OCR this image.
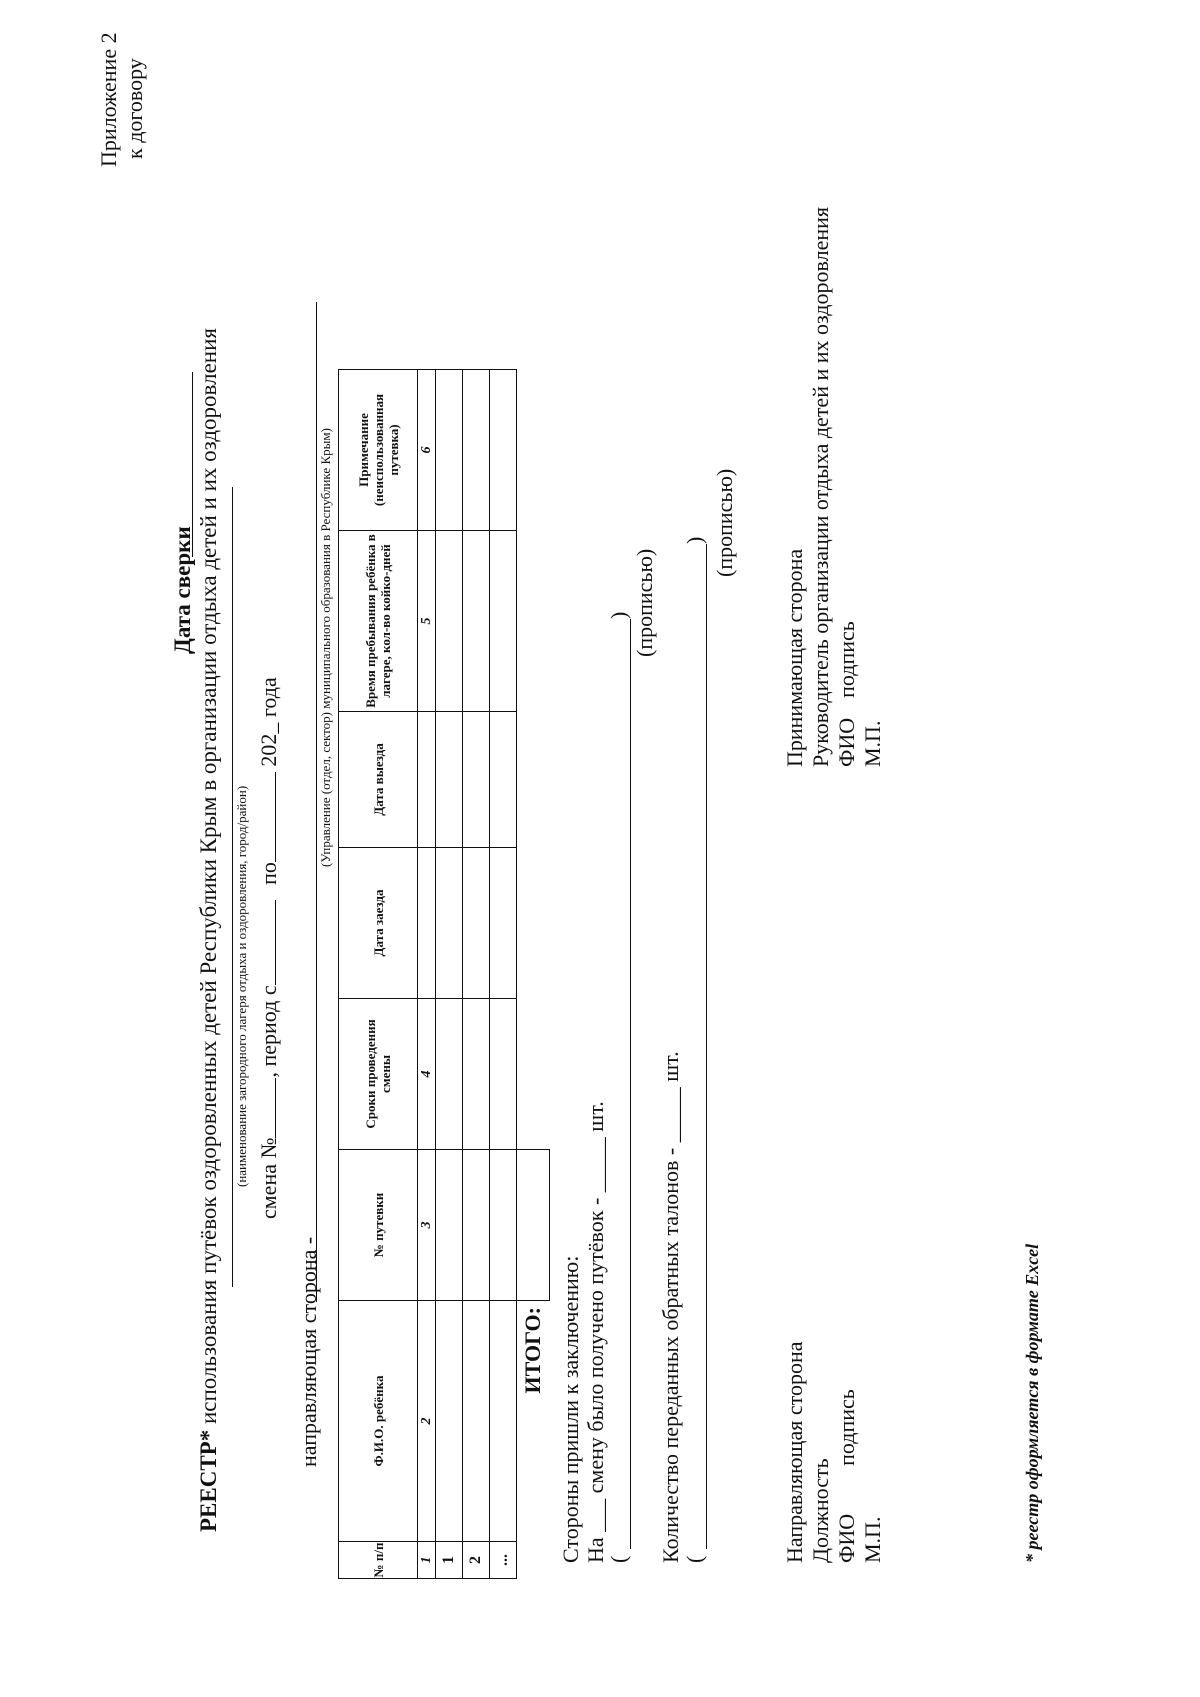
Приложение 2 к договору
РЕЕСТР* использования путёвок оздоровленных детей Республики Крым в организации отдыха детей и их оздоровления
Дата сверки
(наименование загородного лагеря отдыха и оздоровления, город/район) смена №, период с по 202_ года
направляющая сторона -
(Управление (отдел, сектор) муниципального образования в Республике Крым)
№ п/п	Ф.И.О. ребёнка	№ путевки	Сроки проведения смены	Дата заезда	Дата выезда	Время пребывания ребёнка в лагере, кол-во койко-дней	Примечание (неиспользованная путевка)
1	2	3	4			5	6
1							
2							
...							
	ИТОГО:						Стороны пришли к заключению: На ___ смену было получено путёвок - _____ шт.
(
) (прописью)
Количество переданных обратных талонов - _____ шт. (
) (прописью)
Направляющая сторона Должность ФИОподпись
М.П.
Принимающая сторона Руководитель организации отдыха детей и их оздоровления ФИОподпись
М.П.
* реестр оформляется в формате Excel
